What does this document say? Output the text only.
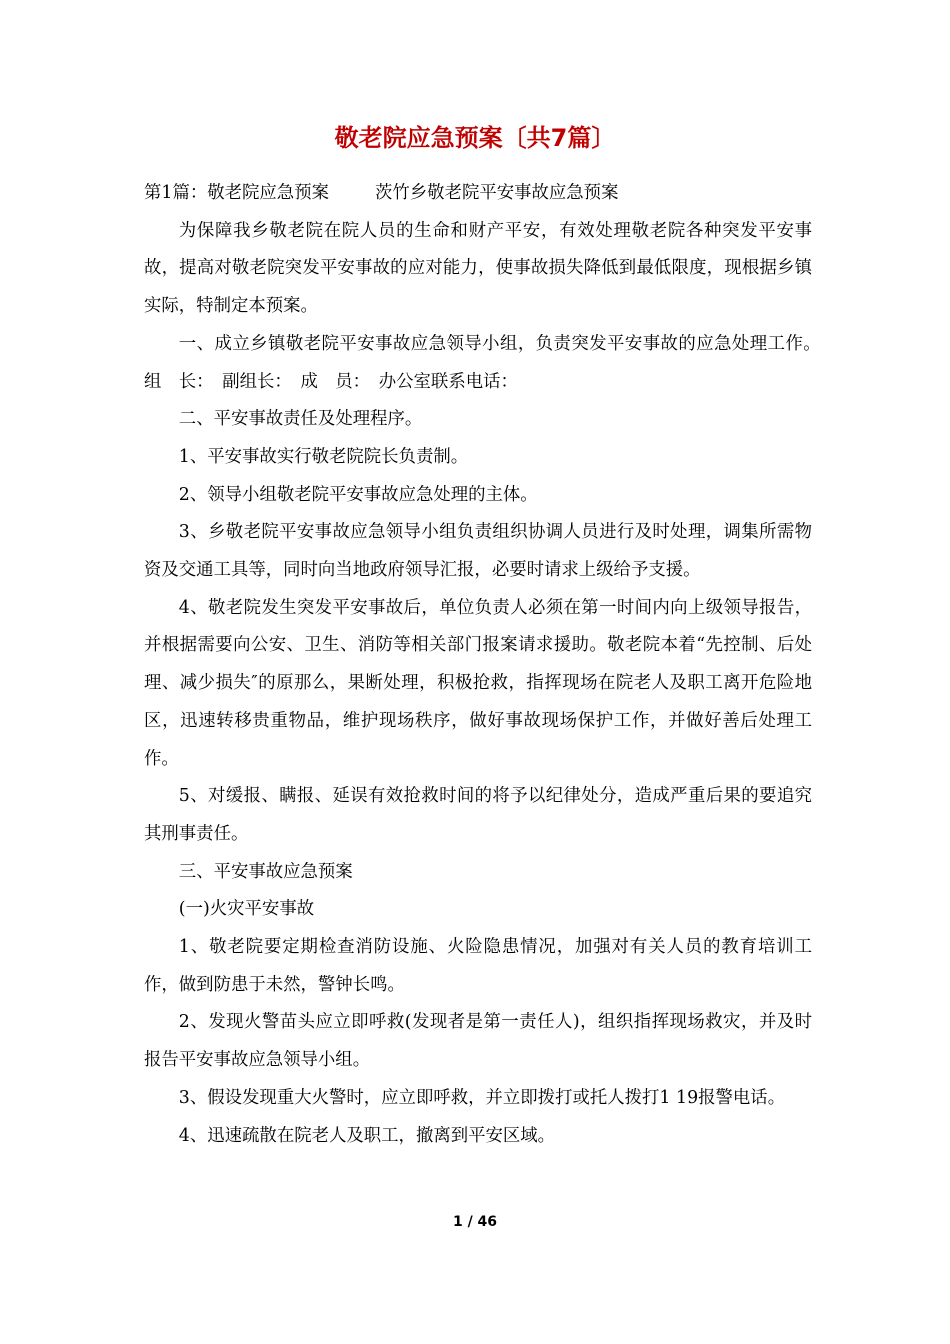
敬老院应急预案〔共7篇〕

第1篇：敬老院应急预案	茨竹乡敬老院平安事故应急预案

为保障我乡敬老院在院人员的生命和财产平安，有效处理敬老院各种突发平安事故，提高对敬老院突发平安事故的应对能力，使事故损失降低到最低限度，现根据乡镇实际，特制定本预案。

一、成立乡镇敬老院平安事故应急领导小组，负责突发平安事故的应急处理工作。　组　长：　副组长：　成　员：　办公室联系电话：

二、平安事故责任及处理程序。

1、平安事故实行敬老院院长负责制。

2、领导小组敬老院平安事故应急处理的主体。

3、乡敬老院平安事故应急领导小组负责组织协调人员进行及时处理，调集所需物资及交通工具等，同时向当地政府领导汇报，必要时请求上级给予支援。

4、敬老院发生突发平安事故后，单位负责人必须在第一时间内向上级领导报告，并根据需要向公安、卫生、消防等相关部门报案请求援助。敬老院本着“先控制、后处理、减少损失″的原那么，果断处理，积极抢救，指挥现场在院老人及职工离开危险地区，迅速转移贵重物品，维护现场秩序，做好事故现场保护工作，并做好善后处理工作。

5、对缓报、瞒报、延误有效抢救时间的将予以纪律处分，造成严重后果的要追究其刑事责任。

三、平安事故应急预案

(一)火灾平安事故

1、敬老院要定期检查消防设施、火险隐患情况，加强对有关人员的教育培训工作，做到防患于未然，警钟长鸣。

2、发现火警苗头应立即呼救(发现者是第一责任人)，组织指挥现场救灾，并及时报告平安事故应急领导小组。

3、假设发现重大火警时，应立即呼救，并立即拨打或托人拨打1 19报警电话。

4、迅速疏散在院老人及职工，撤离到平安区域。

1 / 46
